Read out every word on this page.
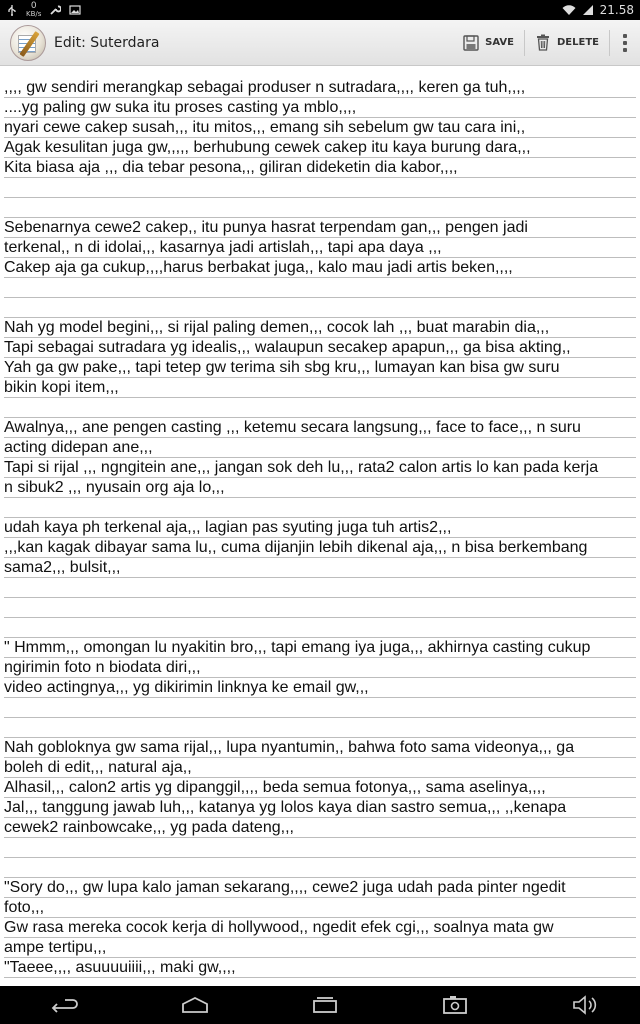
0
KB/s	21.58
Edit: Suterdara	SAVE	DELETE
,,,, gw sendiri merangkap sebagai produser n sutradara,,,, keren ga tuh,,,,
....yg paling gw suka itu proses casting ya mblo,,,,
nyari cewe cakep susah,,, itu mitos,,, emang sih sebelum gw tau cara ini,,
Agak kesulitan juga gw,,,,, berhubung cewek cakep itu kaya burung dara,,,
Kita biasa aja ,,, dia tebar pesona,,, giliran dideketin dia kabor,,,,
Sebenarnya cewe2 cakep,, itu punya hasrat terpendam gan,,, pengen jadi
terkenal,, n di idolai,,, kasarnya jadi artislah,,, tapi apa daya ,,,
Cakep aja ga cukup,,,,harus berbakat juga,, kalo mau jadi artis beken,,,,
Nah yg model begini,,, si rijal paling demen,,, cocok lah ,,, buat marabin dia,,,
Tapi sebagai sutradara yg idealis,,, walaupun secakep apapun,,, ga bisa akting,,
Yah ga gw pake,,, tapi tetep gw terima sih sbg kru,,, lumayan kan bisa gw suru
bikin kopi item,,,
Awalnya,,, ane pengen casting ,,, ketemu secara langsung,,, face to face,,, n suru
acting didepan ane,,,
Tapi si rijal ,,, ngngitein ane,,, jangan sok deh lu,,, rata2 calon artis lo kan pada kerja
n sibuk2 ,,, nyusain org aja lo,,,
udah kaya ph terkenal aja,,, lagian pas syuting juga tuh artis2,,,
,,,kan kagak dibayar sama lu,, cuma dijanjin lebih dikenal aja,,, n bisa berkembang
sama2,,, bulsit,,,
" Hmmm,,, omongan lu nyakitin bro,,, tapi emang iya juga,,, akhirnya casting cukup
ngirimin foto n biodata diri,,,
video actingnya,,, yg dikirimin linknya ke email gw,,,
Nah gobloknya gw sama rijal,,, lupa nyantumin,, bahwa foto sama videonya,,, ga
boleh di edit,,, natural aja,,
Alhasil,,, calon2 artis yg dipanggil,,,, beda semua fotonya,,, sama aselinya,,,,
Jal,,, tanggung jawab luh,,, katanya yg lolos kaya dian sastro semua,,, ,,kenapa
cewek2 rainbowcake,,, yg pada dateng,,,
"Sory do,,, gw lupa kalo jaman sekarang,,,, cewe2 juga udah pada pinter ngedit
foto,,,
Gw rasa mereka cocok kerja di hollywood,, ngedit efek cgi,,, soalnya mata gw
ampe tertipu,,,
"Taeee,,,, asuuuuiiii,,, maki gw,,,,
